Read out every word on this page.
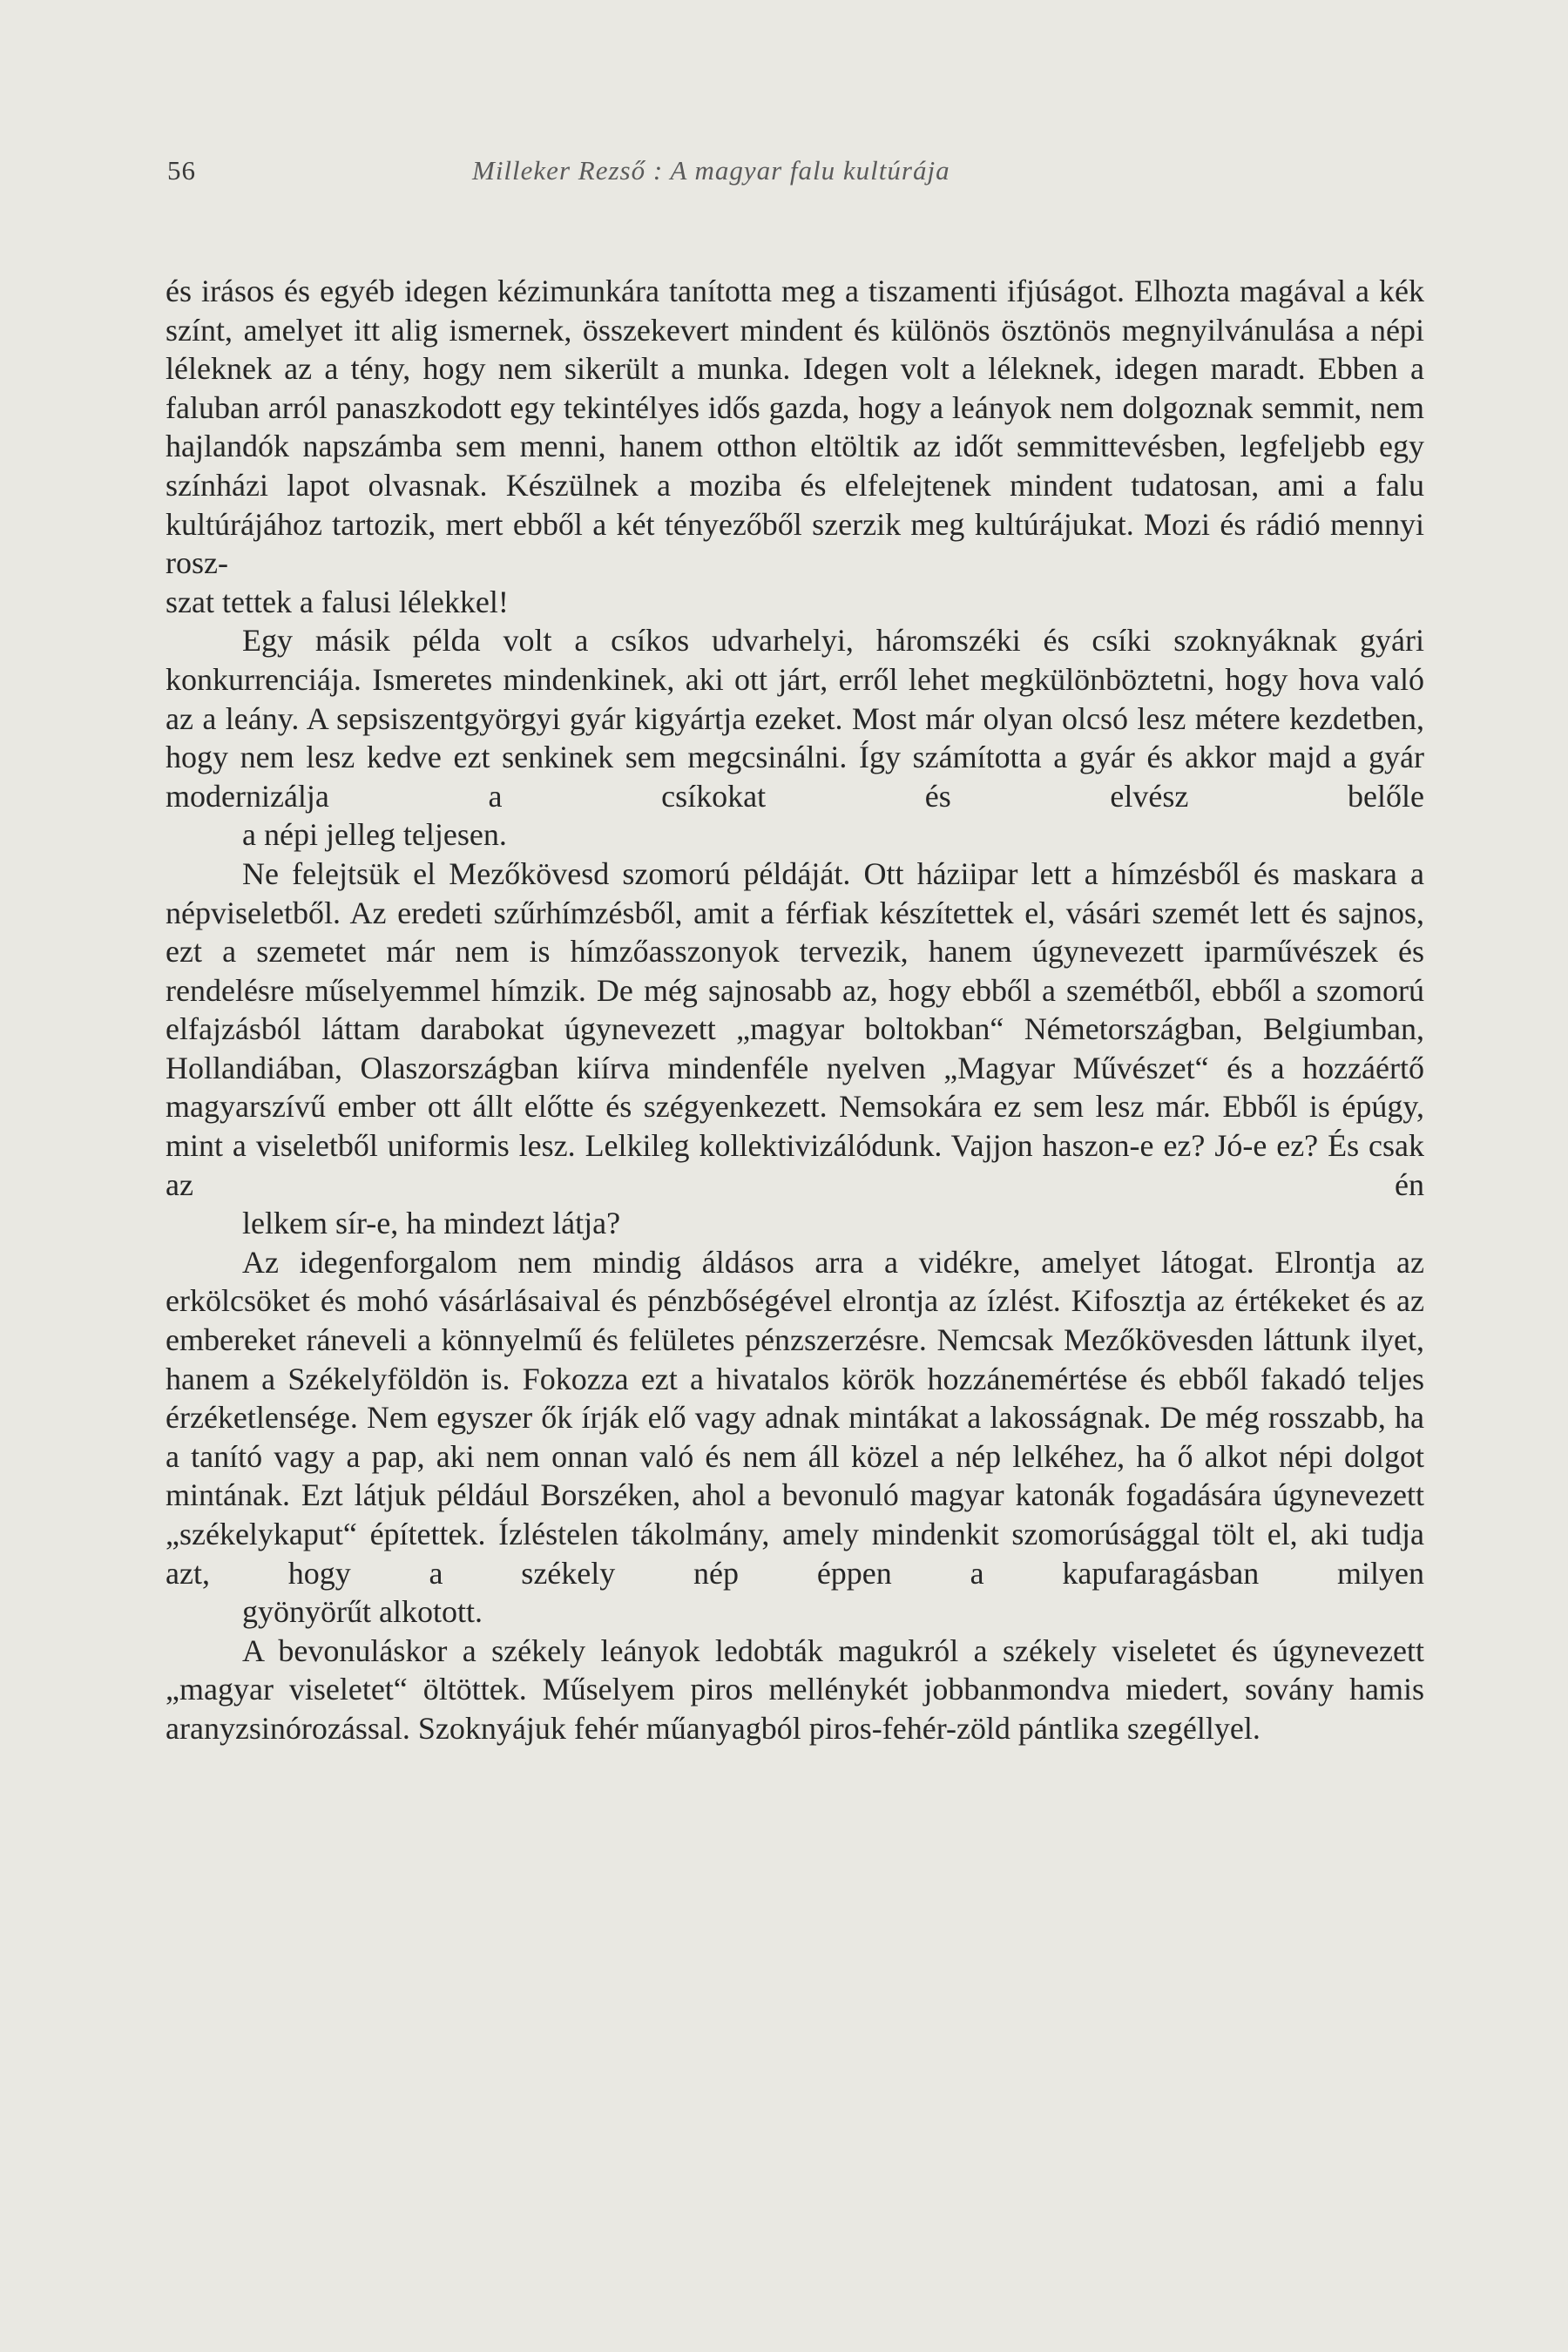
56	Milleker Rezső : A magyar falu kultúrája

és irásos és egyéb idegen kézimunkára tanította meg a tiszamenti ifjúságot. Elhozta magával a kék színt, amelyet itt alig ismernek, összekevert mindent és különös ösztönös megnyilvánulása a népi léleknek az a tény, hogy nem sikerült a munka. Idegen volt a léleknek, idegen maradt. Ebben a faluban arról panaszkodott egy tekintélyes idős gazda, hogy a leányok nem dolgoznak semmit, nem hajlandók napszámba sem menni, hanem otthon eltöltik az időt semmittevésben, legfeljebb egy színházi lapot olvasnak. Készülnek a moziba és elfelejtenek mindent tudatosan, ami a falu kultúrájához tartozik, mert ebből a két tényezőből szerzik meg kultúrájukat. Mozi és rádió mennyi rosz-
szat tettek a falusi lélekkel!

Egy másik példa volt a csíkos udvarhelyi, háromszéki és csíki szoknyáknak gyári konkurrenciája. Ismeretes mindenkinek, aki ott járt, erről lehet megkülönböztetni, hogy hova való az a leány. A sepsiszentgyörgyi gyár kigyártja ezeket. Most már olyan olcsó lesz métere kezdetben, hogy nem lesz kedve ezt senkinek sem megcsinálni. Így számította a gyár és akkor majd a gyár modernizálja a csíkokat és elvész belőle
a népi jelleg teljesen.

Ne felejtsük el Mezőkövesd szomorú példáját. Ott háziipar lett a hímzésből és maskara a népviseletből. Az eredeti szűrhímzésből, amit a férfiak készítettek el, vásári szemét lett és sajnos, ezt a szemetet már nem is hímzőasszonyok tervezik, hanem úgynevezett iparművészek és rendelésre műselyemmel hímzik. De még sajnosabb az, hogy ebből a szemétből, ebből a szomorú elfajzásból láttam darabokat úgynevezett „magyar boltokban“ Németországban, Belgiumban, Hollandiában, Olaszországban kiírva mindenféle nyelven „Magyar Művészet“ és a hozzáértő magyarszívű ember ott állt előtte és szégyenkezett. Nemsokára ez sem lesz már. Ebből is épúgy, mint a viseletből uniformis lesz. Lelkileg kollektivizálódunk. Vajjon haszon-e ez? Jó-e ez? És csak az én
lelkem sír-e, ha mindezt látja?

Az idegenforgalom nem mindig áldásos arra a vidékre, amelyet látogat. Elrontja az erkölcsöket és mohó vásárlásaival és pénzbőségével elrontja az ízlést. Kifosztja az értékeket és az embereket ráneveli a könnyelmű és felületes pénzszerzésre. Nemcsak Mezőkövesden láttunk ilyet, hanem a Székelyföldön is. Fokozza ezt a hivatalos körök hozzánemértése és ebből fakadó teljes érzéketlensége. Nem egyszer ők írják elő vagy adnak mintákat a lakosságnak. De még rosszabb, ha a tanító vagy a pap, aki nem onnan való és nem áll közel a nép lelkéhez, ha ő alkot népi dolgot mintának. Ezt látjuk például Borszéken, ahol a bevonuló magyar katonák fogadására úgynevezett „székelykaput“ építettek. Ízléstelen tákolmány, amely mindenkit szomorúsággal tölt el, aki tudja azt, hogy a székely nép éppen a kapufaragásban milyen
gyönyörűt alkotott.

A bevonuláskor a székely leányok ledobták magukról a székely viseletet és úgynevezett „magyar viseletet“ öltöttek. Műselyem piros mellénykét jobbanmondva miedert, sovány hamis aranyzsinórozással. Szoknyájuk fehér műanyagból piros-fehér-zöld pántlika szegéllyel.
